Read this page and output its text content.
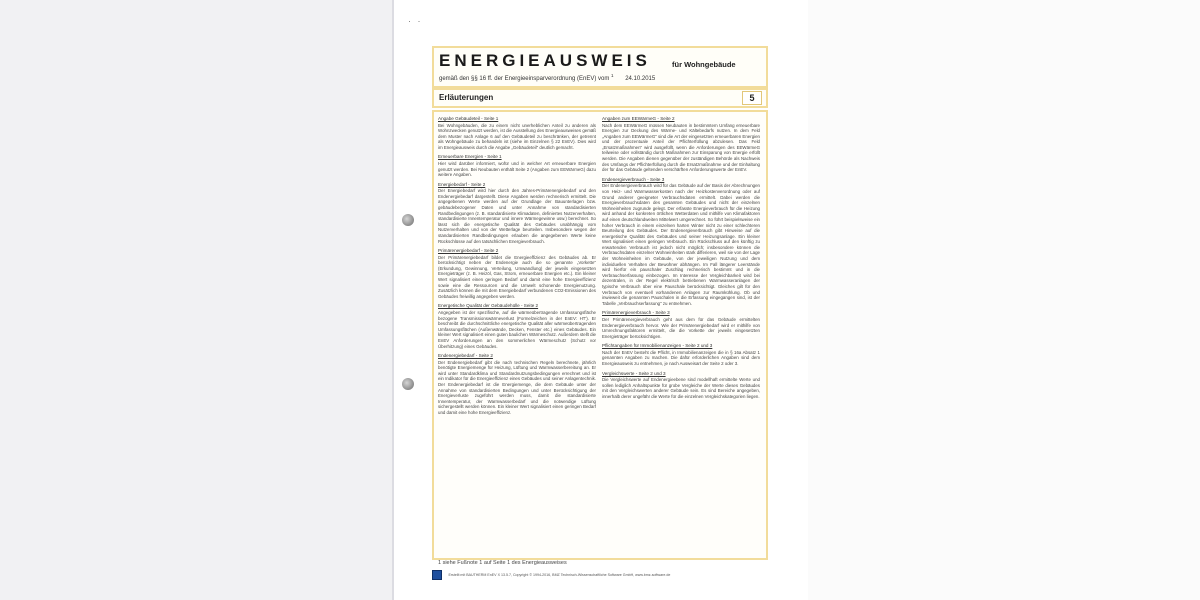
· ·
ENERGIEAUSWEIS	für Wohngebäude
gemäß den §§ 16 ff. der Energieeinsparverordnung (EnEV) vom $^1$ 24.10.2015
Erläuterungen	5
Angabe Gebäudeteil - Seite 1
Bei Wohngebäuden, die zu einem nicht unerheblichen Anteil zu anderen als Wohnzwecken genutzt werden, ist die Ausstellung des Energieausweises gemäß dem Muster nach Anlage 6 auf den Gebäudeteil zu beschränken, der getrennt als Wohngebäude zu behandeln ist (siehe im Einzelnen § 22 EnEV). Dies wird im Energieausweis durch die Angabe „Gebäudeteil" deutlich gemacht.
Erneuerbare Energien - Seite 1
Hier wird darüber informiert, wofür und in welcher Art erneuerbare Energien genutzt werden. Bei Neubauten enthält Seite 2 (Angaben zum EEWärmeG) dazu weitere Angaben.
Energiebedarf - Seite 2
Der Energiebedarf wird hier durch den Jahres-Primärenergiebedarf und den Endenergiebedarf dargestellt. Diese Angaben werden rechnerisch ermittelt. Die angegebenen Werte werden auf der Grundlage der Bauunterlagen bzw. gebäudebezogener Daten und unter Annahme von standardisierten Randbedingungen (z. B. standardisierte Klimadaten, definiertes Nutzerverhalten, standardisierte Innentemperatur und innere Wärmegewinne usw.) berechnet. So lässt sich die energetische Qualität des Gebäudes unabhängig vom Nutzerverhalten und von der Wetterlage beurteilen. Insbesondere wegen der standardisierten Randbedingungen erlauben die angegebenen Werte keine Rückschlüsse auf den tatsächlichen Energieverbrauch.
Primärenergiebedarf - Seite 2
Der Primärenergiebedarf bildet die Energieeffizienz des Gebäudes ab. Er berücksichtigt neben der Endenergie auch die so genannte „Vorkette" (Erkundung, Gewinnung, Verteilung, Umwandlung) der jeweils eingesetzten Energieträger (z. B. Heizöl, Gas, Strom, erneuerbare Energien etc.). Ein kleiner Wert signalisiert einen geringen Bedarf und damit eine hohe Energieeffizienz sowie eine die Ressourcen und die Umwelt schonende Energienutzung. Zusätzlich können die mit dem Energiebedarf verbundenen CO2-Emissionen des Gebäudes freiwillig angegeben werden.
Energetische Qualität der Gebäudehülle - Seite 2
Angegeben ist der spezifische, auf die wärmeübertragende Umfassungsfläche bezogene Transmissionswärmeverlust (Formelzeichen in der EnEV: HT'). Er beschreibt die durchschnittliche energetische Qualität aller wärmeübertragenden Umfassungsflächen (Außenwände, Decken, Fenster etc.) eines Gebäudes. Ein kleiner Wert signalisiert einen guten baulichen Wärmeschutz. Außerdem stellt die EnEV Anforderungen an den sommerlichen Wärmeschutz (Schutz vor Überhitzung) eines Gebäudes.
Endenergiebedarf - Seite 2
Der Endenergiebedarf gibt die nach technischen Regeln berechnete, jährlich benötigte Energiemenge für Heizung, Lüftung und Warmwasserbereitung an. Er wird unter Standardklima und Standardnutzungsbedingungen errechnet und ist ein Indikator für die Energieeffizienz eines Gebäudes und seiner Anlagentechnik. Der Endenergiebedarf ist die Energiemenge, die dem Gebäude unter der Annahme von standardisierten Bedingungen und unter Berücksichtigung der Energieverluste zugeführt werden muss, damit die standardisierte Innentemperatur, der Warmwasserbedarf und die notwendige Lüftung sichergestellt werden können. Ein kleiner Wert signalisiert einen geringen Bedarf und damit eine hohe Energieeffizienz.
Angaben zum EEWärmeG - Seite 2
Nach dem EEWärmeG müssen Neubauten in bestimmtem Umfang erneuerbare Energien zur Deckung des Wärme- und Kältebedarfs nutzen. In dem Feld „Angaben zum EEWärmeG" sind die Art der eingesetzten erneuerbaren Energien und der prozentuale Anteil der Pflichterfüllung abzulesen. Das Feld „Ersatzmaßnahmen" wird ausgefüllt, wenn die Anforderungen des EEWärmeG teilweise oder vollständig durch Maßnahmen zur Einsparung von Energie erfüllt werden. Die Angaben dienen gegenüber der zuständigen Behörde als Nachweis des Umfangs der Pflichterfüllung durch die Ersatzmaßnahme und der Einhaltung der für das Gebäude geltenden verschärften Anforderungswerte der EnEV.
Endenergieverbrauch - Seite 3
Der Endenergieverbrauch wird für das Gebäude auf der Basis der Abrechnungen von Heiz- und Warmwasserkosten nach der Heizkostenverordnung oder auf Grund anderer geeigneter Verbrauchsdaten ermittelt. Dabei werden die Energieverbrauchsdaten des gesamten Gebäudes und nicht der einzelnen Wohneinheiten zugrunde gelegt. Der erfasste Energieverbrauch für die Heizung wird anhand der konkreten örtlichen Wetterdaten und mithilfe von Klimafaktoren auf einen deutschlandweiten Mittelwert umgerechnet. So führt beispielsweise ein hoher Verbrauch in einem einzelnen harten Winter nicht zu einer schlechteren Beurteilung des Gebäudes. Der Endenergieverbrauch gibt Hinweise auf die energetische Qualität des Gebäudes und seiner Heizungsanlage. Ein kleiner Wert signalisiert einen geringen Verbrauch. Ein Rückschluss auf den künftig zu erwartenden Verbrauch ist jedoch nicht möglich; insbesondere können die Verbrauchsdaten einzelner Wohneinheiten stark differieren, weil sie von der Lage der Wohneinheiten im Gebäude, von der jeweiligen Nutzung und dem individuellen Verhalten der Bewohner abhängen. Im Fall längerer Leerstände wird hierfür ein pauschaler Zuschlag rechnerisch bestimmt und in die Verbrauchserfassung einbezogen. Im Interesse der Vergleichbarkeit wird bei dezentralen, in der Regel elektrisch betriebenen Warmwasseranlagen der typische Verbrauch über eine Pauschale berücksichtigt. Gleiches gilt für den Verbrauch von eventuell vorhandenen Anlagen zur Raumkühlung. Ob und inwieweit die genannten Pauschalen in die Erfassung eingegangen sind, ist der Tabelle „Verbrauchserfassung" zu entnehmen.
Primärenergieverbrauch - Seite 3
Der Primärenergieverbrauch geht aus dem für das Gebäude ermittelten Endenergieverbrauch hervor. Wie der Primärenergiebedarf wird er mithilfe von Umrechnungsfaktoren ermittelt, die die Vorkette der jeweils eingesetzten Energieträger berücksichtigen.
Pflichtangaben für Immobilienanzeigen - Seite 2 und 3
Nach der EnEV besteht die Pflicht, in Immobilienanzeigen die in § 16a Absatz 1 genannten Angaben zu machen. Die dafür erforderlichen Angaben sind dem Energieausweis zu entnehmen, je nach Ausweisart der Seite 2 oder 3.
Vergleichswerte - Seite 2 und 3
Die Vergleichswerte auf Endenergieebene sind modellhaft ermittelte Werte und sollen lediglich Anhaltspunkte für grobe Vergleiche der Werte dieses Gebäudes mit den Vergleichswerten anderer Gebäude sein. Es sind Bereiche angegeben, innerhalb derer ungefähr die Werte für die einzelnen Vergleichskategorien liegen.
1 siehe Fußnote 1 auf Seite 1 des Energieausweises
Erstellt mit BAUTHERM EnEV X 13.5.7, Copyright © 1994-2016, BMZ Technisch-Wissenschaftliche Software GmbH, www.bmz-software.de
